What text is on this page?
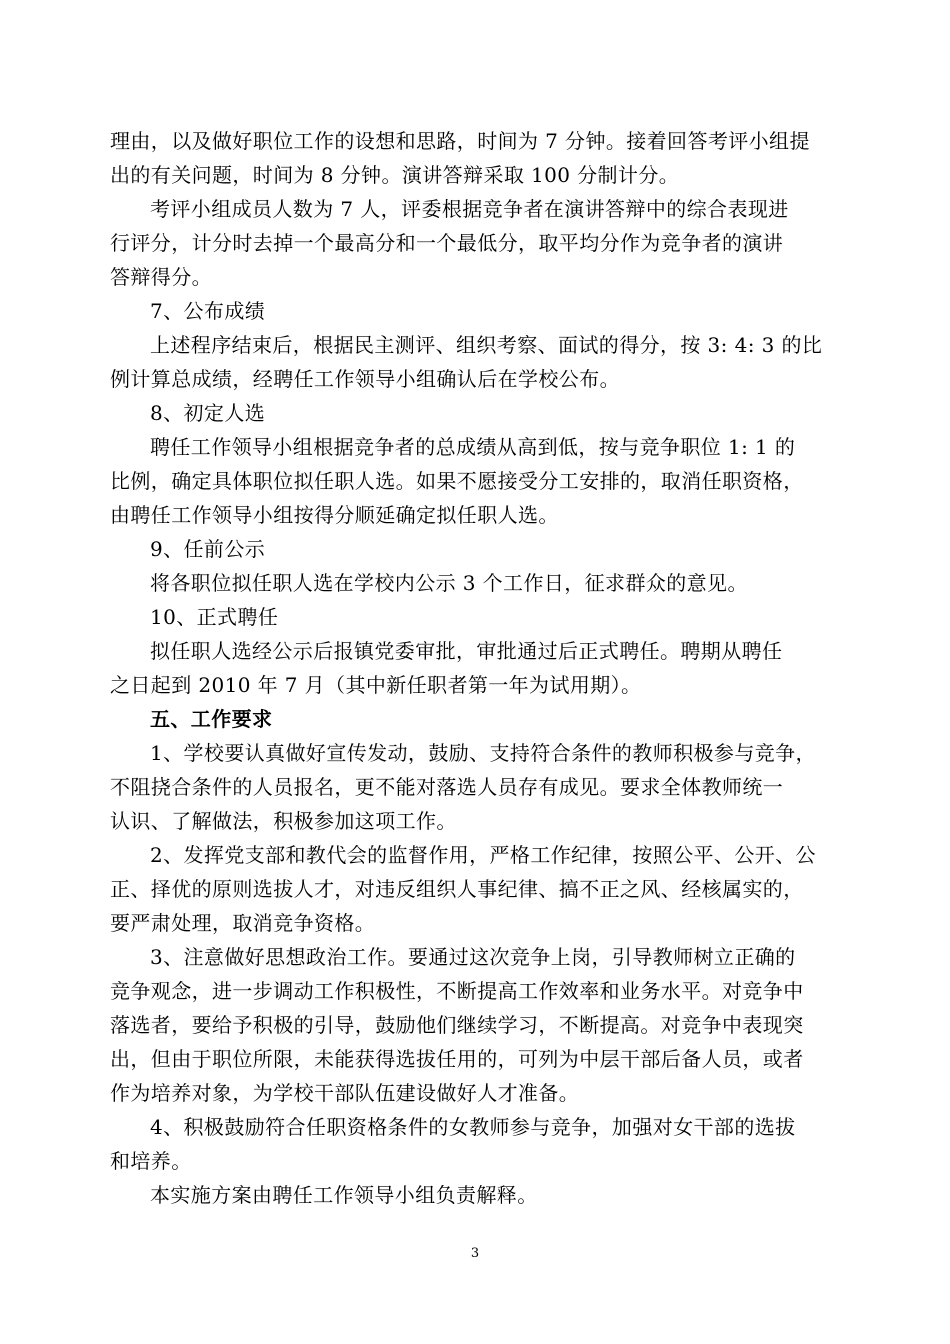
理由，以及做好职位工作的设想和思路，时间为 7 分钟。接着回答考评小组提
出的有关问题，时间为 8 分钟。演讲答辩采取 100 分制计分。
考评小组成员人数为 7 人，评委根据竞争者在演讲答辩中的综合表现进
行评分，计分时去掉一个最高分和一个最低分，取平均分作为竞争者的演讲
答辩得分。
7、公布成绩
上述程序结束后，根据民主测评、组织考察、面试的得分，按 3: 4: 3 的比
例计算总成绩，经聘任工作领导小组确认后在学校公布。
8、初定人选
聘任工作领导小组根据竞争者的总成绩从高到低，按与竞争职位 1: 1 的
比例，确定具体职位拟任职人选。如果不愿接受分工安排的，取消任职资格，
由聘任工作领导小组按得分顺延确定拟任职人选。
9、任前公示
将各职位拟任职人选在学校内公示 3 个工作日，征求群众的意见。
10、正式聘任
拟任职人选经公示后报镇党委审批，审批通过后正式聘任。聘期从聘任
之日起到 2010 年 7 月（其中新任职者第一年为试用期）。
五、工作要求
1、学校要认真做好宣传发动，鼓励、支持符合条件的教师积极参与竞争，
不阻挠合条件的人员报名，更不能对落选人员存有成见。要求全体教师统一
认识、了解做法，积极参加这项工作。
2、发挥党支部和教代会的监督作用，严格工作纪律，按照公平、公开、公
正、择优的原则选拔人才，对违反组织人事纪律、搞不正之风、经核属实的，
要严肃处理，取消竞争资格。
3、注意做好思想政治工作。要通过这次竞争上岗，引导教师树立正确的
竞争观念，进一步调动工作积极性，不断提高工作效率和业务水平。对竞争中
落选者，要给予积极的引导，鼓励他们继续学习，不断提高。对竞争中表现突
出，但由于职位所限，未能获得选拔任用的，可列为中层干部后备人员，或者
作为培养对象，为学校干部队伍建设做好人才准备。
4、积极鼓励符合任职资格条件的女教师参与竞争，加强对女干部的选拔
和培养。
本实施方案由聘任工作领导小组负责解释。
3
